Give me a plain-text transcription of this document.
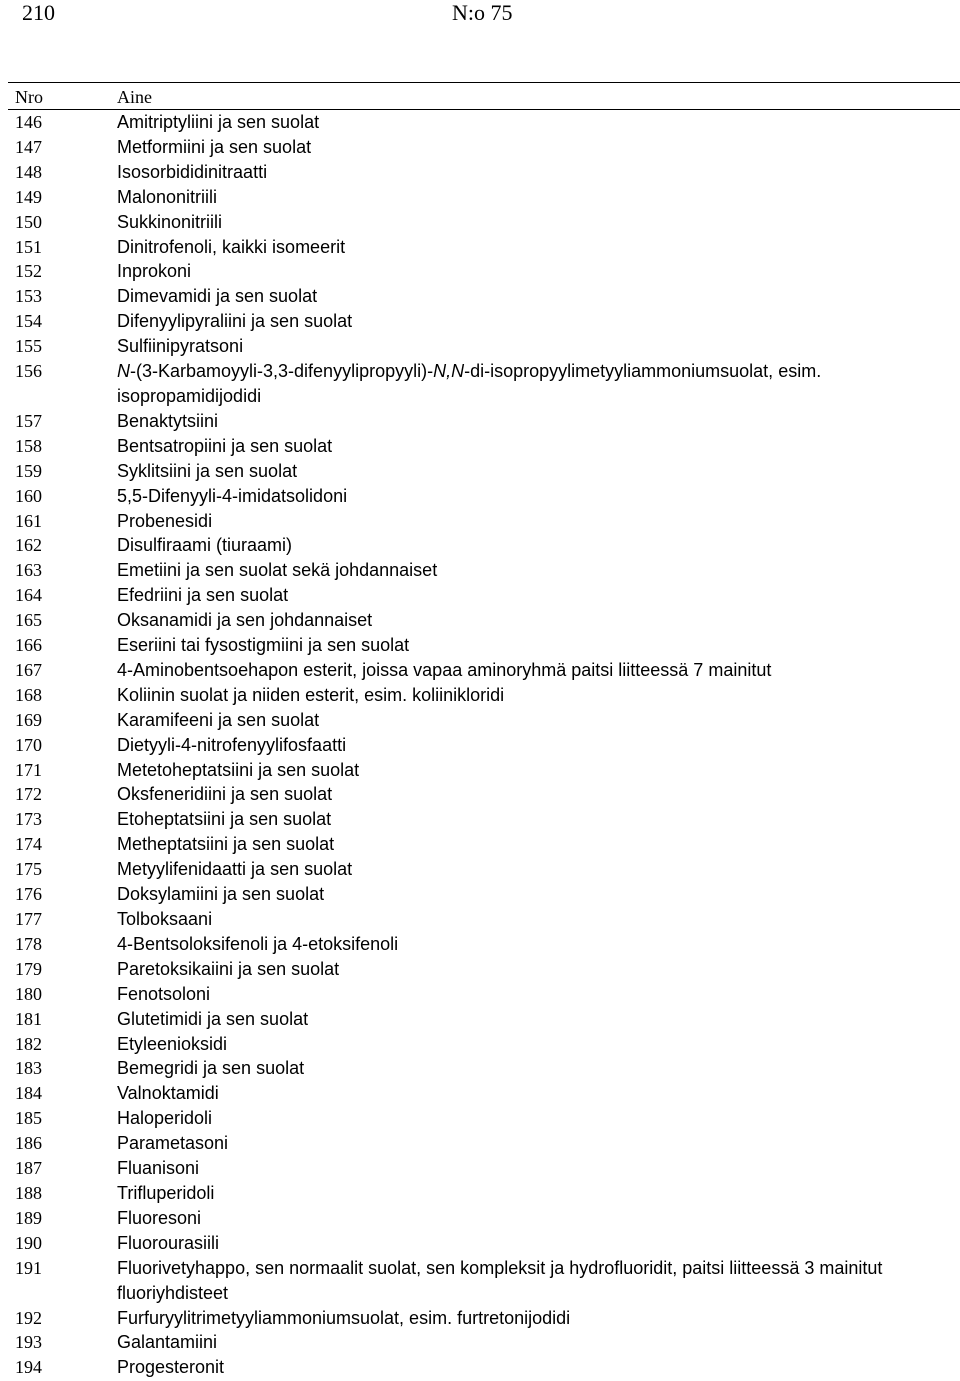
210	N:o 75
Nro	Aine
146	Amitriptyliini ja sen suolat
147	Metformiini ja sen suolat
148	Isosorbididinitraatti
149	Malononitriili
150	Sukkinonitriili
151	Dinitrofenoli, kaikki isomeerit
152	Inprokoni
153	Dimevamidi ja sen suolat
154	Difenyylipyraliini ja sen suolat
155	Sulfiinipyratsoni
156	N-(3-Karbamoyyli-3,3-difenyylipropyyli)-N,N-di-isopropyylimetyyliammoniumsuolat, esim. isopropamidijodidi
157	Benaktytsiini
158	Bentsatropiini ja sen suolat
159	Syklitsiini ja sen suolat
160	5,5-Difenyyli-4-imidatsolidoni
161	Probenesidi
162	Disulfiraami (tiuraami)
163	Emetiini ja sen suolat sekä johdannaiset
164	Efedriini ja sen suolat
165	Oksanamidi ja sen johdannaiset
166	Eseriini tai fysostigmiini ja sen suolat
167	4-Aminobentsoehapon esterit, joissa vapaa aminoryhmä paitsi liitteessä 7 mainitut
168	Koliinin suolat ja niiden esterit, esim. koliinikloridi
169	Karamifeeni ja sen suolat
170	Dietyyli-4-nitrofenyylifosfaatti
171	Metetoheptatsiini ja sen suolat
172	Oksfeneridiini ja sen suolat
173	Etoheptatsiini ja sen suolat
174	Metheptatsiini ja sen suolat
175	Metyylifenidaatti ja sen suolat
176	Doksylamiini ja sen suolat
177	Tolboksaani
178	4-Bentsoloksifenoli ja 4-etoksifenoli
179	Paretoksikaiini ja sen suolat
180	Fenotsoloni
181	Glutetimidi ja sen suolat
182	Etyleenioksidi
183	Bemegridi ja sen suolat
184	Valnoktamidi
185	Haloperidoli
186	Parametasoni
187	Fluanisoni
188	Trifluperidoli
189	Fluoresoni
190	Fluorourasiili
191	Fluorivetyhappo, sen normaalit suolat, sen kompleksit ja hydrofluoridit, paitsi liitteessä 3 mainitut fluoriyhdisteet
192	Furfuryylitrimetyyliammoniumsuolat, esim. furtretonijodidi
193	Galantamiini
194	Progesteronit
